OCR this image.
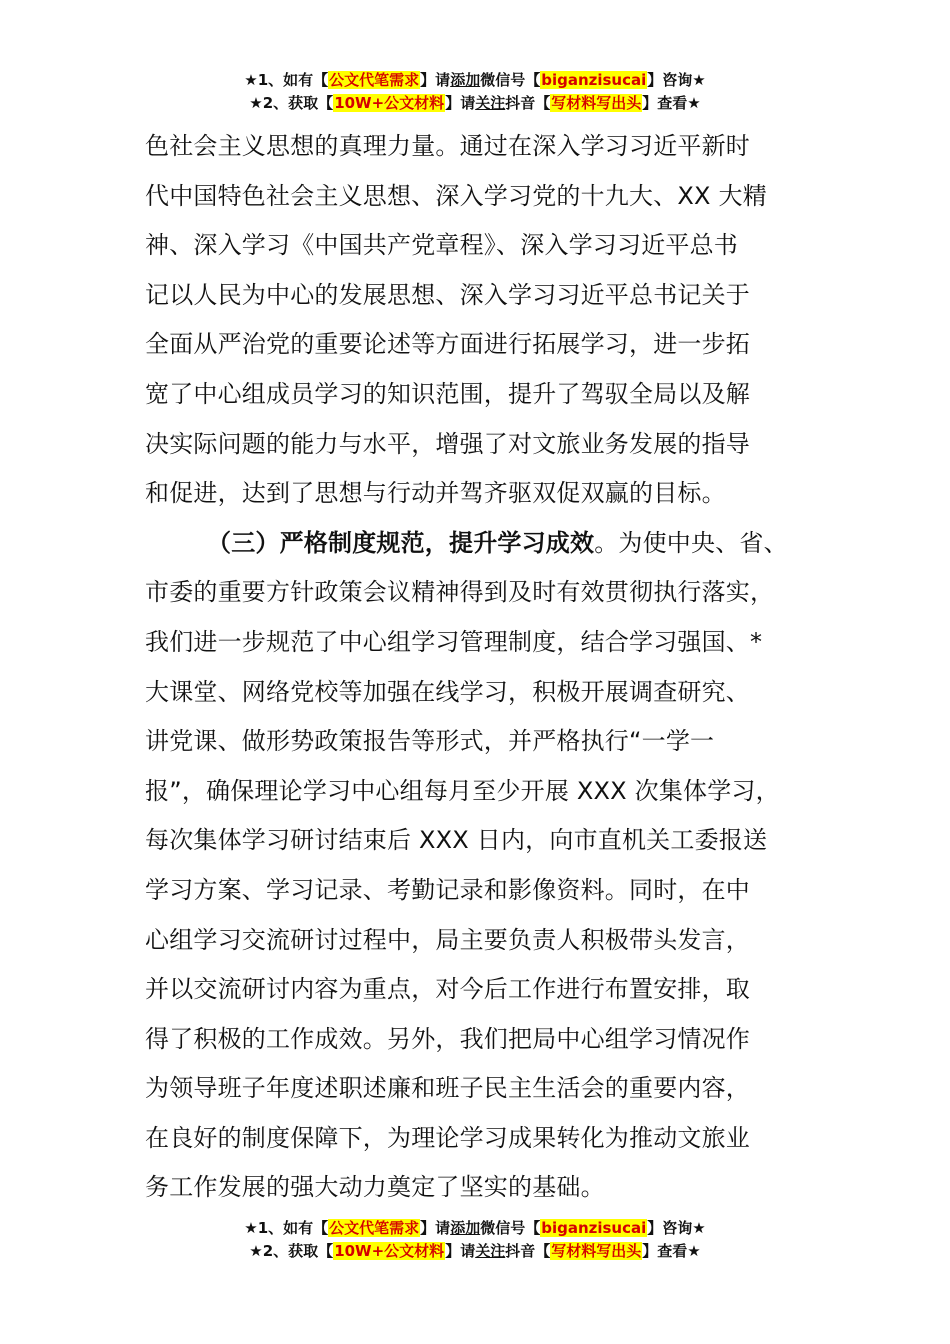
★1、如有【公文代笔需求】请添加微信号【biganzisucai】咨询★
★2、获取【10W+公文材料】请关注抖音【写材料写出头】查看★
色社会主义思想的真理力量。通过在深入学习习近平新时
代中国特色社会主义思想、深入学习党的十九大、XX 大精
神、深入学习《中国共产党章程》、深入学习习近平总书
记以人民为中心的发展思想、深入学习习近平总书记关于
全面从严治党的重要论述等方面进行拓展学习，进一步拓
宽了中心组成员学习的知识范围，提升了驾驭全局以及解
决实际问题的能力与水平，增强了对文旅业务发展的指导
和促进，达到了思想与行动并驾齐驱双促双赢的目标。
（三）严格制度规范，提升学习成效。为使中央、省、
市委的重要方针政策会议精神得到及时有效贯彻执行落实，
我们进一步规范了中心组学习管理制度，结合学习强国、*
大课堂、网络党校等加强在线学习，积极开展调查研究、
讲党课、做形势政策报告等形式，并严格执行“一学一
报”，确保理论学习中心组每月至少开展 XXX 次集体学习，
每次集体学习研讨结束后 XXX 日内，向市直机关工委报送
学习方案、学习记录、考勤记录和影像资料。同时，在中
心组学习交流研讨过程中，局主要负责人积极带头发言，
并以交流研讨内容为重点，对今后工作进行布置安排，取
得了积极的工作成效。另外，我们把局中心组学习情况作
为领导班子年度述职述廉和班子民主生活会的重要内容，
在良好的制度保障下，为理论学习成果转化为推动文旅业
务工作发展的强大动力奠定了坚实的基础。
★1、如有【公文代笔需求】请添加微信号【biganzisucai】咨询★
★2、获取【10W+公文材料】请关注抖音【写材料写出头】查看★
